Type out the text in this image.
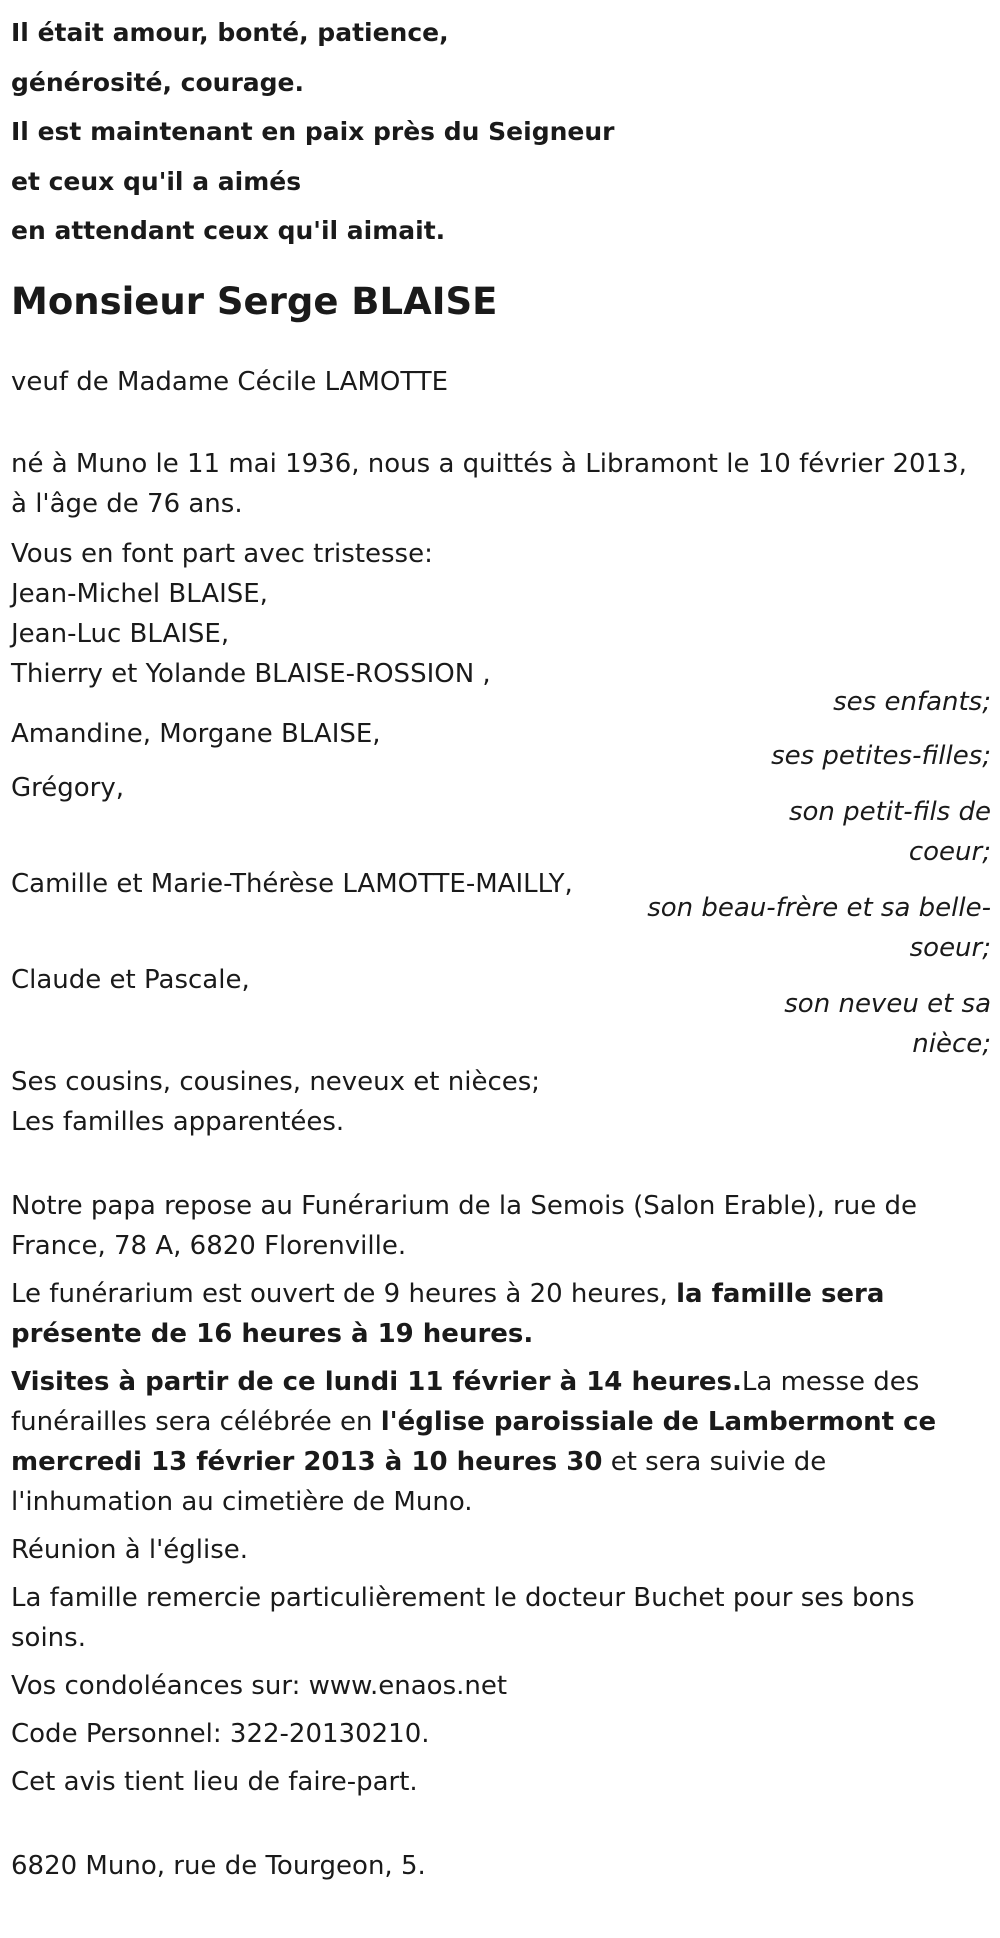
Il était amour, bonté, patience,
générosité, courage.
Il est maintenant en paix près du Seigneur
et ceux qu'il a aimés
en attendant ceux qu'il aimait.
Monsieur Serge BLAISE

veuf de Madame Cécile LAMOTTE

né à Muno le 11 mai 1936, nous a quittés à Libramont le 10 février 2013, à l'âge de 76 ans.

Vous en font part avec tristesse:

Jean-Michel BLAISE,

Jean-Luc BLAISE,

Thierry et Yolande BLAISE-ROSSION ,

ses enfants;

Amandine, Morgane BLAISE,

ses petites-filles;

Grégory,

son petit-fils de coeur;

Camille et Marie-Thérèse LAMOTTE-MAILLY,

son beau-frère et sa belle-soeur;

Claude et Pascale,

son neveu et sa nièce;

Ses cousins, cousines, neveux et nièces;

Les familles apparentées.

Notre papa repose au Funérarium de la Semois (Salon Erable), rue de France, 78 A, 6820 Florenville.

Le funérarium est ouvert de 9 heures à 20 heures, la famille sera présente de 16 heures à 19 heures.

Visites à partir de ce lundi 11 février à 14 heures.La messe des funérailles sera célébrée en l'église paroissiale de Lambermont ce mercredi 13 février 2013 à 10 heures 30 et sera suivie de l'inhumation au cimetière de Muno.

Réunion à l'église.

La famille remercie particulièrement le docteur Buchet pour ses bons soins.

Vos condoléances sur: www.enaos.net

Code Personnel: 322-20130210.

Cet avis tient lieu de faire-part.

6820 Muno, rue de Tourgeon, 5.
